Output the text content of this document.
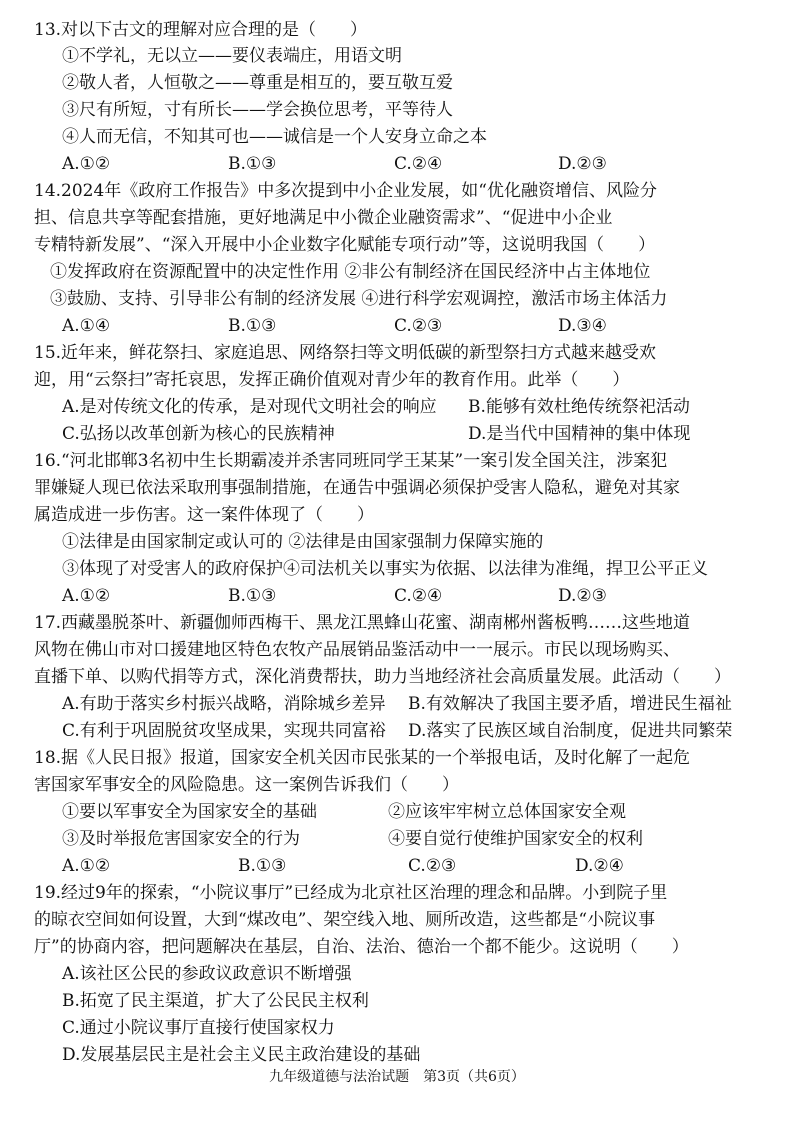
13.对以下古文的理解对应合理的是（　　）
①不学礼，无以立——要仪表端庄，用语文明
②敬人者，人恒敬之——尊重是相互的，要互敬互爱
③尺有所短，寸有所长——学会换位思考，平等待人
④人而无信，不知其可也——诚信是一个人安身立命之本
A.①②	B.①③	C.②④	D.②③
14.2024年《政府工作报告》中多次提到中小企业发展，如“优化融资增信、风险分
担、信息共享等配套措施，更好地满足中小微企业融资需求”、“促进中小企业
专精特新发展”、“深入开展中小企业数字化赋能专项行动”等，这说明我国（　　）
①发挥政府在资源配置中的决定性作用 ②非公有制经济在国民经济中占主体地位
③鼓励、支持、引导非公有制的经济发展 ④进行科学宏观调控，激活市场主体活力
A.①④	B.①③	C.②③	D.③④
15.近年来，鲜花祭扫、家庭追思、网络祭扫等文明低碳的新型祭扫方式越来越受欢
迎，用“云祭扫”寄托哀思，发挥正确价值观对青少年的教育作用。此举（　　）
A.是对传统文化的传承，是对现代文明社会的响应 B.能够有效杜绝传统祭祀活动
C.弘扬以改革创新为核心的民族精神	D.是当代中国精神的集中体现
16.“河北邯郸3名初中生长期霸凌并杀害同班同学王某某”一案引发全国关注，涉案犯
罪嫌疑人现已依法采取刑事强制措施，在通告中强调必须保护受害人隐私，避免对其家
属造成进一步伤害。这一案件体现了（　　）
①法律是由国家制定或认可的 ②法律是由国家强制力保障实施的
③体现了对受害人的政府保护④司法机关以事实为依据、以法律为准绳，捍卫公平正义
A.①②	B.①③	C.②④	D.②③
17.西藏墨脱茶叶、新疆伽师西梅干、黑龙江黑蜂山花蜜、湖南郴州酱板鸭……这些地道
风物在佛山市对口援建地区特色农牧产品展销品鉴活动中一一展示。市民以现场购买、
直播下单、以购代捐等方式，深化消费帮扶，助力当地经济社会高质量发展。此活动（　　）
A.有助于落实乡村振兴战略，消除城乡差异 B.有效解决了我国主要矛盾，增进民生福祉
C.有利于巩固脱贫攻坚成果，实现共同富裕 D.落实了民族区域自治制度，促进共同繁荣
18.据《人民日报》报道，国家安全机关因市民张某的一个举报电话，及时化解了一起危
害国家军事安全的风险隐患。这一案例告诉我们（　　）
①要以军事安全为国家安全的基础	②应该牢牢树立总体国家安全观
③及时举报危害国家安全的行为	④要自觉行使维护国家安全的权利
A.①②	B.①③	C.②③	D.②④
19.经过9年的探索，“小院议事厅”已经成为北京社区治理的理念和品牌。小到院子里
的晾衣空间如何设置，大到“煤改电”、架空线入地、厕所改造，这些都是“小院议事
厅”的协商内容，把问题解决在基层，自治、法治、德治一个都不能少。这说明（　　）
A.该社区公民的参政议政意识不断增强
B.拓宽了民主渠道，扩大了公民民主权利
C.通过小院议事厅直接行使国家权力
D.发展基层民主是社会主义民主政治建设的基础
九年级道德与法治试题　第3页（共6页）
